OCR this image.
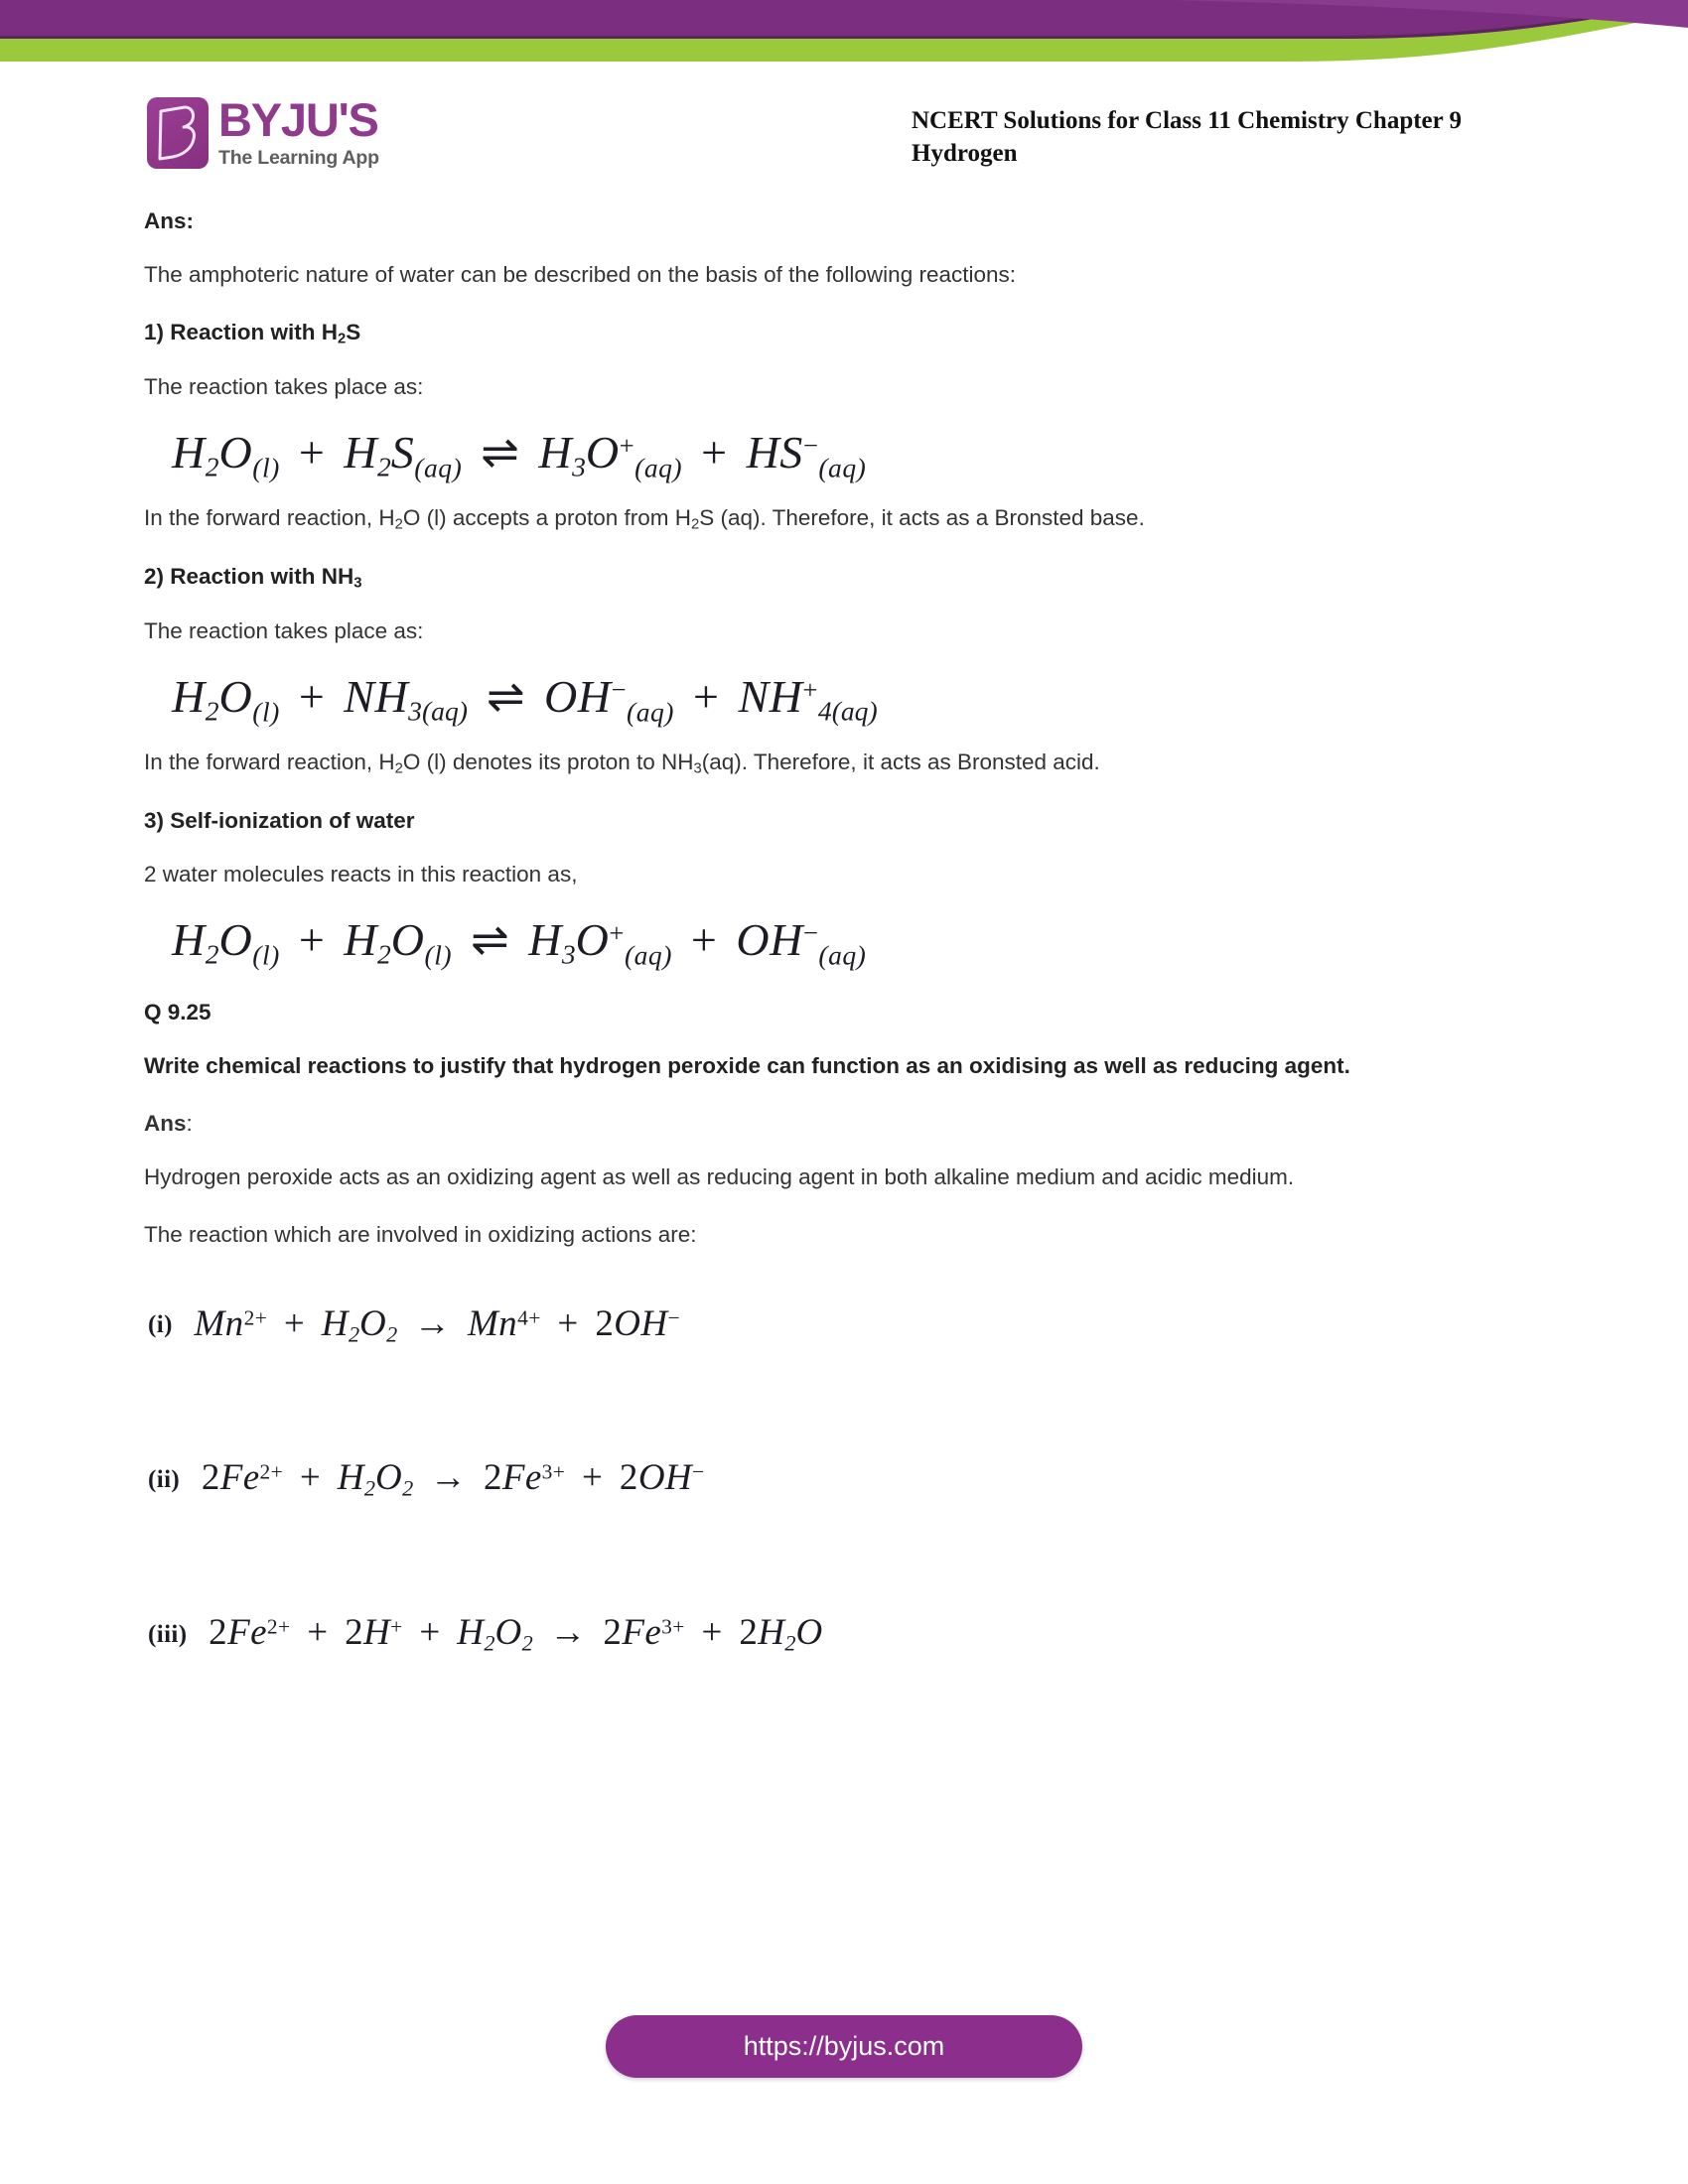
BYJU'S
The Learning App
NCERT Solutions for Class 11 Chemistry Chapter 9
Hydrogen

Ans:

The amphoteric nature of water can be described on the basis of the following reactions:

1) Reaction with $H_2S$

The reaction takes place as:

$H_2O_{(l)} + H_2S_{(aq)}$ ⇌ $H_3O^+_{(aq)} + HS^-_{(aq)}$

In the forward reaction, $H_2O$ (l) accepts a proton from $H_2S$ (aq). Therefore, it acts as a Bronsted base.

2) Reaction with $NH_3$

The reaction takes place as:

$H_2O_{(l)} + NH_{3(aq)}$ ⇌ $OH^-_{(aq)} + NH^+_{4(aq)}$

In the forward reaction, $H_2O$ (l) denotes its proton to $NH_3(aq)$. Therefore, it acts as Bronsted acid.

3) Self-ionization of water

2 water molecules reacts in this reaction as,

$H_2O_{(l)} + H_2O_{(l)}$ ⇌ $H_3O^+_{(aq)} + OH^-_{(aq)}$

Q 9.25

Write chemical reactions to justify that hydrogen peroxide can function as an oxidising as well as reducing agent.

Ans:

Hydrogen peroxide acts as an oxidizing agent as well as reducing agent in both alkaline medium and acidic medium.

The reaction which are involved in oxidizing actions are:

(i) $Mn^{2+} + H_2O_2 \to Mn^{4+} + 2OH^-$
(ii) $2Fe^{2+} + H_2O_2 \to 2Fe^{3+} + 2OH^-$
(iii) $2Fe^{2+} + 2H^+ + H_2O_2 \to 2Fe^{3+} + 2H_2O$
https://byjus.com
